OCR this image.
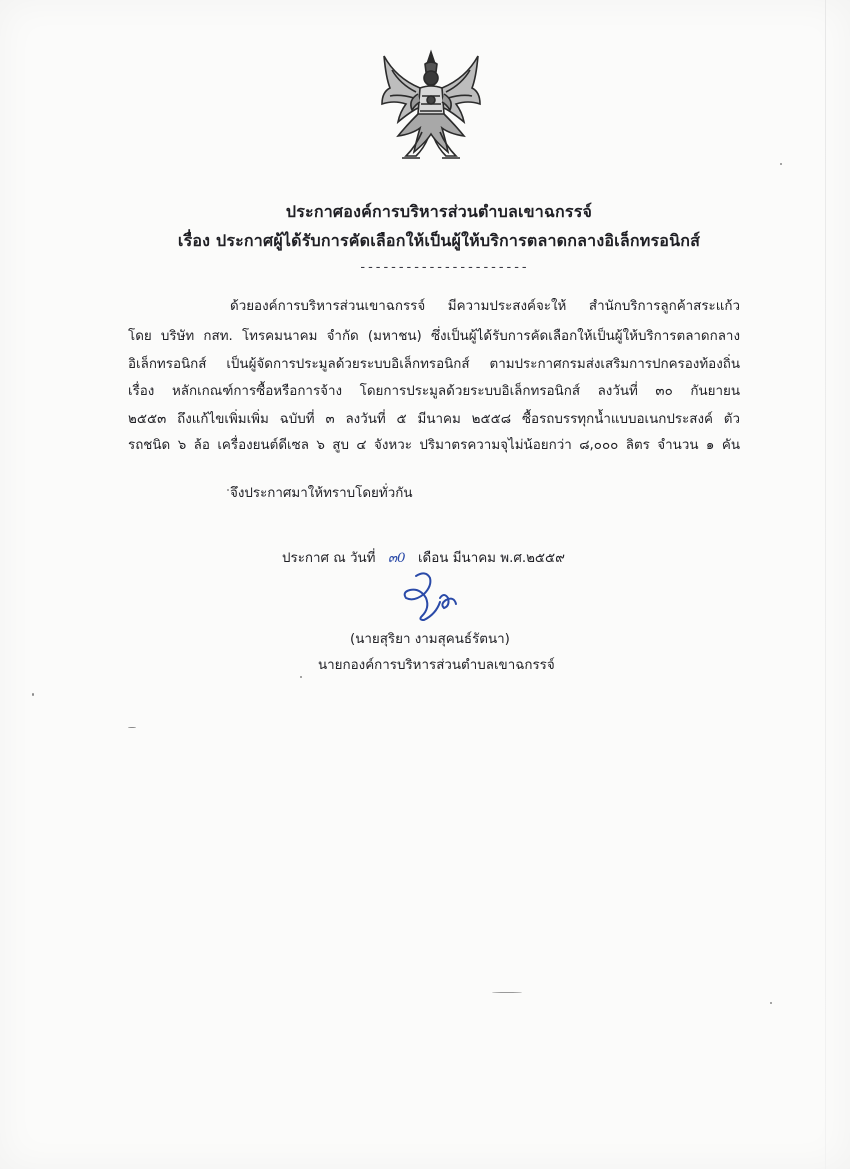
ประกาศองค์การบริหารส่วนตำบลเขาฉกรรจ์
เรื่อง ประกาศผู้ได้รับการคัดเลือกให้เป็นผู้ให้บริการตลาดกลางอิเล็กทรอนิกส์
----------------------
ด้วยองค์การบริหารส่วนเขาฉกรรจ์ มีความประสงค์จะให้ สำนักบริการลูกค้าสระแก้ว
โดย บริษัท กสท. โทรคมนาคม จำกัด (มหาชน) ซึ่งเป็นผู้ได้รับการคัดเลือกให้เป็นผู้ให้บริการตลาดกลาง
อิเล็กทรอนิกส์ เป็นผู้จัดการประมูลด้วยระบบอิเล็กทรอนิกส์ ตามประกาศกรมส่งเสริมการปกครองท้องถิ่น
เรื่อง หลักเกณฑ์การซื้อหรือการจ้าง โดยการประมูลด้วยระบบอิเล็กทรอนิกส์ ลงวันที่ ๓๐ กันยายน
๒๕๕๓ ถึงแก้ไขเพิ่มเพิ่ม ฉบับที่ ๓ ลงวันที่ ๕ มีนาคม ๒๕๕๘ ซื้อรถบรรทุกน้ำแบบอเนกประสงค์ ตัว
รถชนิด ๖ ล้อ เครื่องยนต์ดีเซล ๖ สูบ ๔ จังหวะ ปริมาตรความจุไม่น้อยกว่า ๘,๐๐๐ ลิตร จำนวน ๑ คัน
จึงประกาศมาให้ทราบโดยทั่วกัน
ประกาศ ณ วันที่ ๓0 เดือน มีนาคม พ.ศ.๒๕๕๙
(นายสุริยา งามสุคนธ์รัตนา)
นายกองค์การบริหารส่วนตำบลเขาฉกรรจ์
